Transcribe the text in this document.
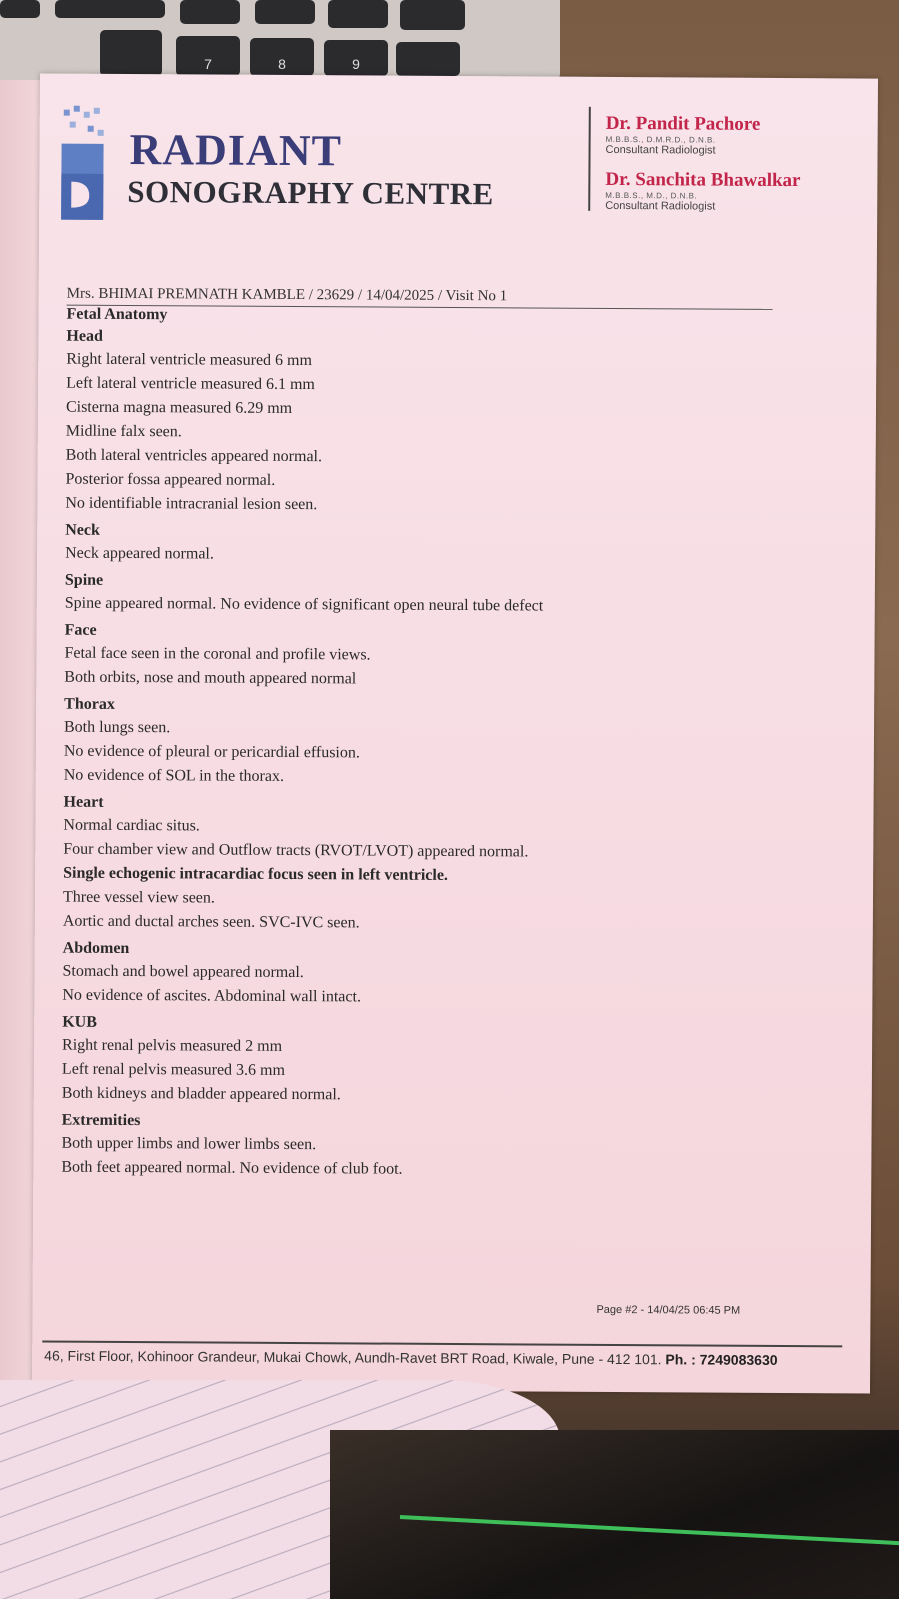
7	8	9
RADIANT
SONOGRAPHY CENTRE

Dr. Pandit Pachore

M.B.B.S., D.M.R.D., D.N.B.

Consultant Radiologist

Dr. Sanchita Bhawalkar

M.B.B.S., M.D., D.N.B.

Consultant Radiologist

Mrs. BHIMAI PREMNATH KAMBLE / 23629 / 14/04/2025 / Visit No 1

Fetal Anatomy

Head

Right lateral ventricle measured 6 mm

Left lateral ventricle measured 6.1 mm

Cisterna magna measured 6.29 mm

Midline falx seen.

Both lateral ventricles appeared normal.

Posterior fossa appeared normal.

No identifiable intracranial lesion seen.

Neck

Neck appeared normal.

Spine

Spine appeared normal. No evidence of significant open neural tube defect

Face

Fetal face seen in the coronal and profile views.

Both orbits, nose and mouth appeared normal

Thorax

Both lungs seen.

No evidence of pleural or pericardial effusion.

No evidence of SOL in the thorax.

Heart

Normal cardiac situs.

Four chamber view and Outflow tracts (RVOT/LVOT) appeared normal.

Single echogenic intracardiac focus seen in left ventricle.

Three vessel view seen.

Aortic and ductal arches seen. SVC-IVC seen.

Abdomen

Stomach and bowel appeared normal.

No evidence of ascites. Abdominal wall intact.

KUB

Right renal pelvis measured 2 mm

Left renal pelvis measured 3.6 mm

Both kidneys and bladder appeared normal.

Extremities

Both upper limbs and lower limbs seen.

Both feet appeared normal. No evidence of club foot.

Page #2 - 14/04/25 06:45 PM
46, First Floor, Kohinoor Grandeur, Mukai Chowk, Aundh-Ravet BRT Road, Kiwale, Pune - 412 101. Ph. : 7249083630
